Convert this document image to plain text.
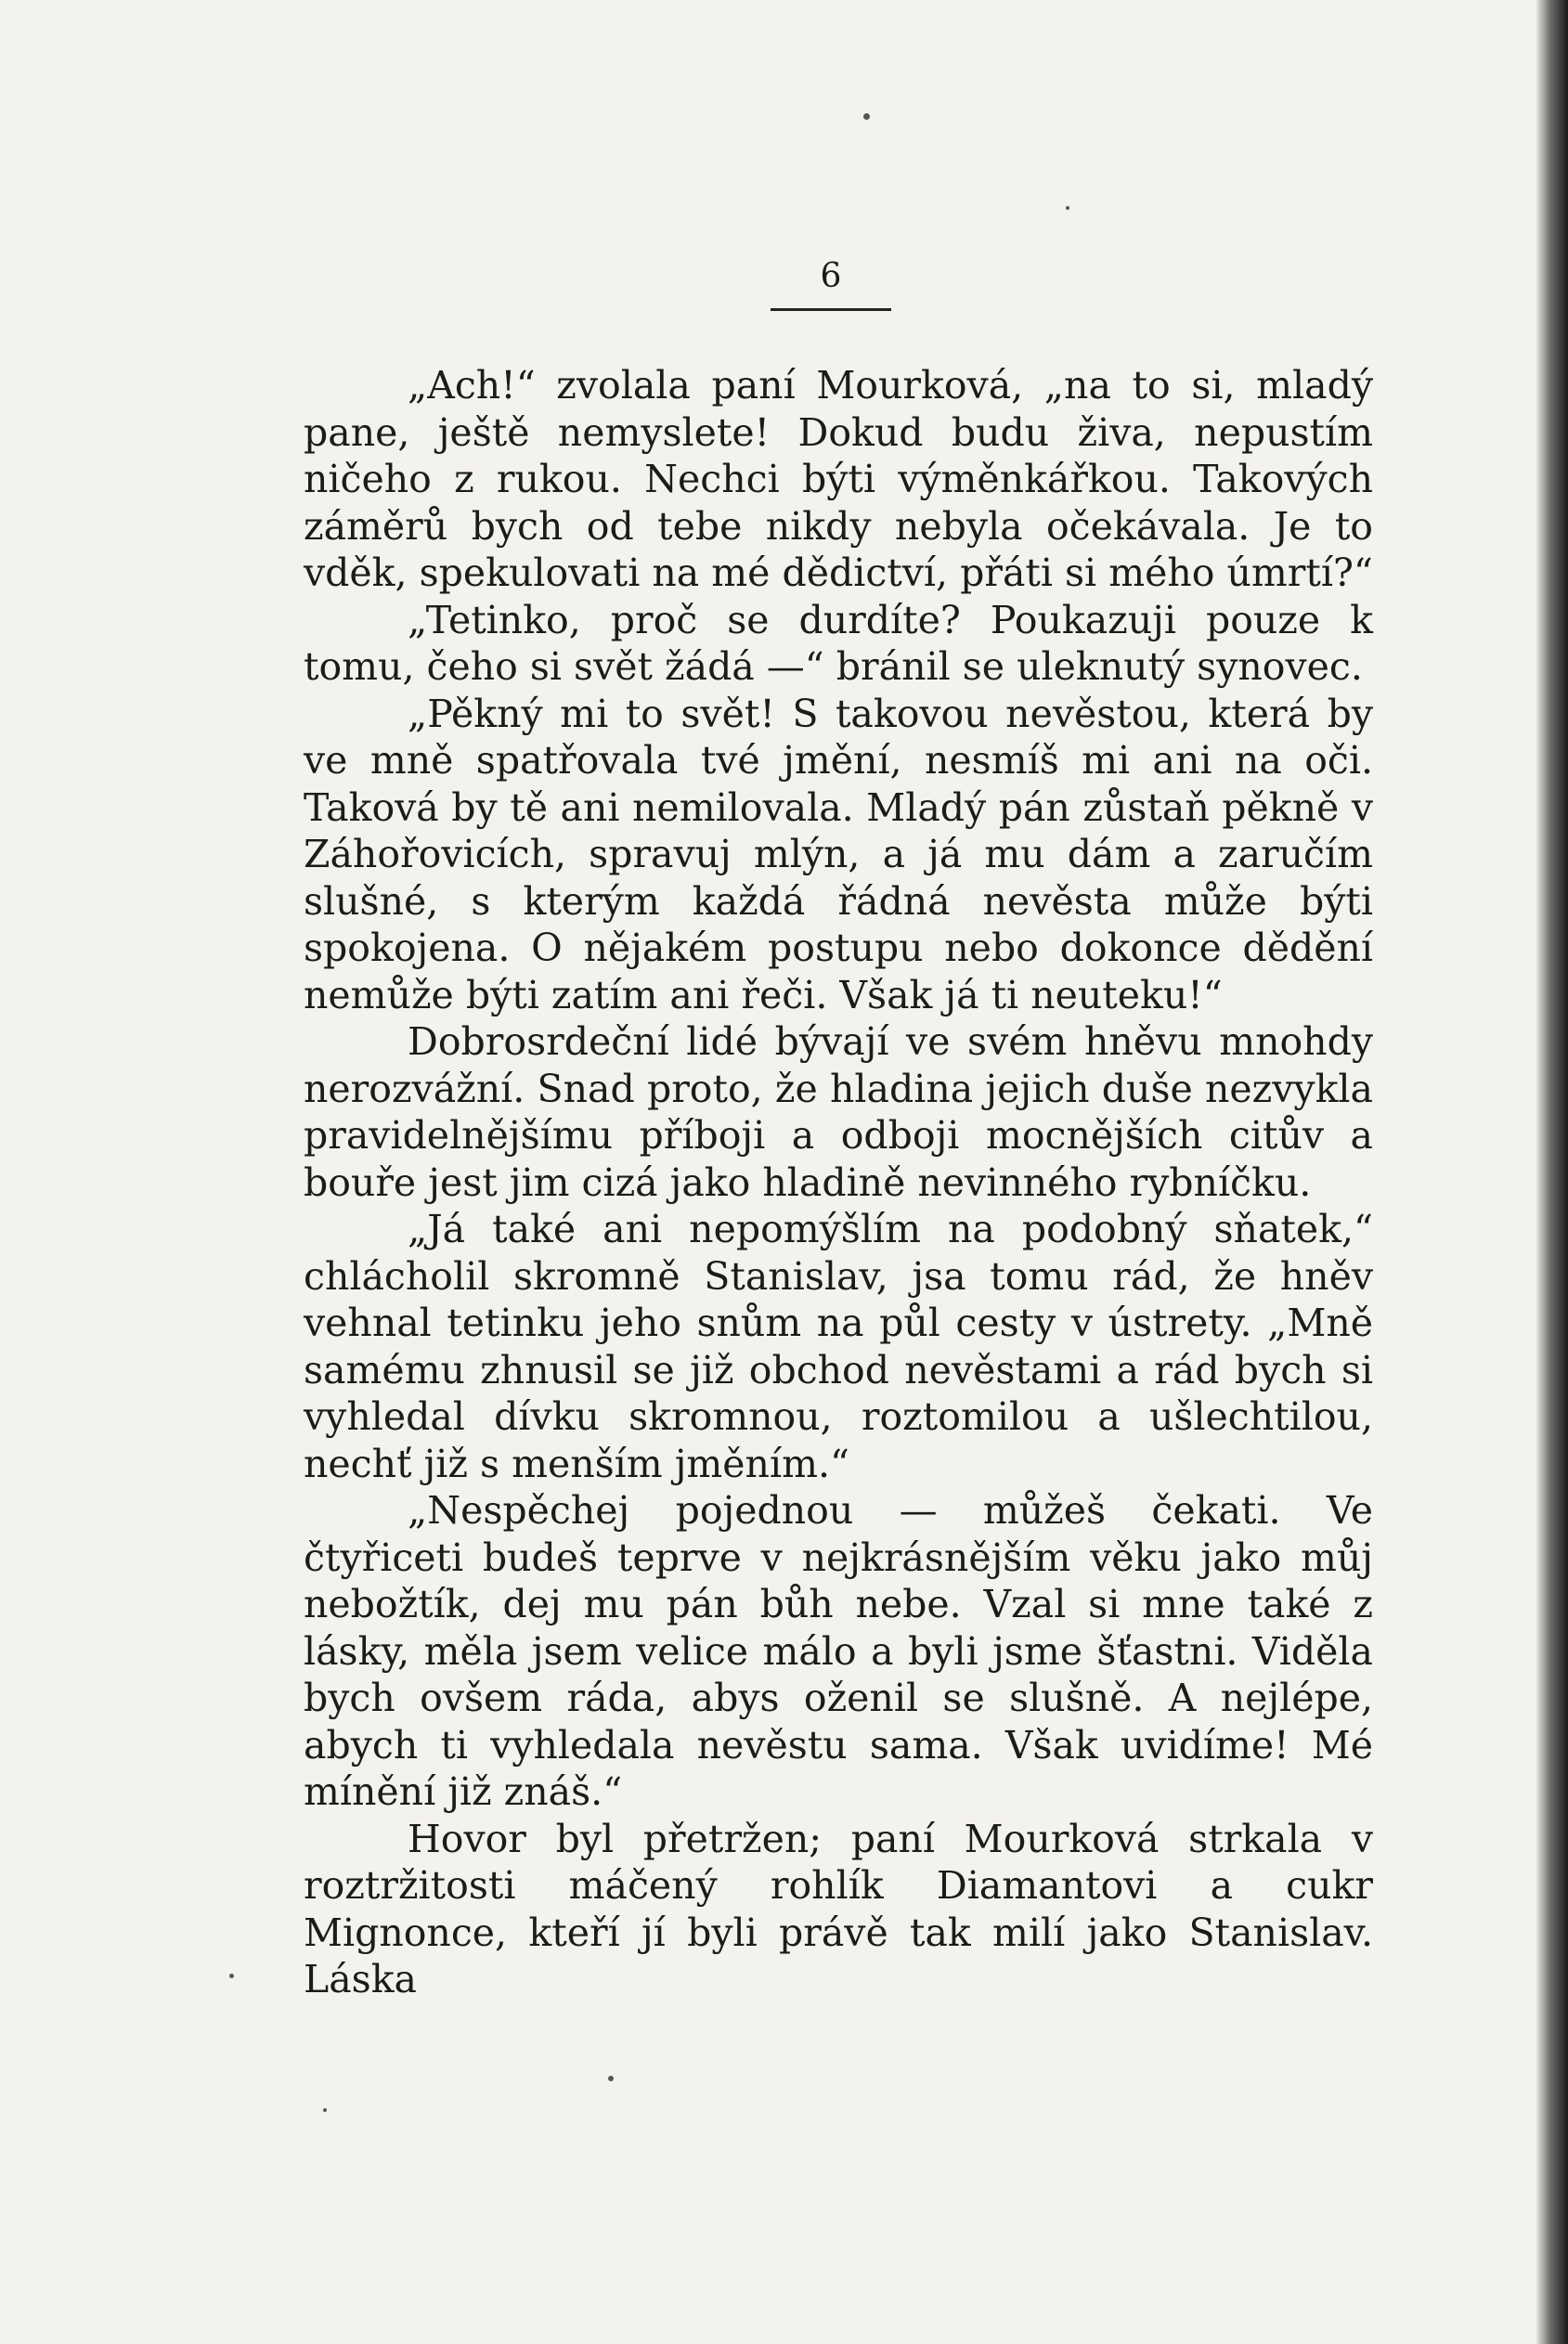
6

„Ach!“ zvolala paní Mourková, „na to si, mladý pane, ještě nemyslete! Dokud budu živa, nepustím ničeho z rukou. Nechci býti výměnkářkou. Takových záměrů bych od tebe nikdy nebyla očekávala. Je to vděk, spekulovati na mé dědictví, přáti si mého úmrtí?“

„Tetinko, proč se durdíte? Poukazuji pouze k tomu, čeho si svět žádá —“ bránil se uleknutý synovec.

„Pěkný mi to svět! S takovou nevěstou, která by ve mně spatřovala tvé jmění, nesmíš mi ani na oči. Taková by tě ani nemilovala. Mladý pán zůstaň pěkně v Záhořovicích, spravuj mlýn, a já mu dám a zaručím slušné, s kterým každá řádná nevěsta může býti spokojena. O nějakém postupu nebo dokonce dědění nemůže býti zatím ani řeči. Však já ti neuteku!“

Dobrosrdeční lidé bývají ve svém hněvu mnohdy nerozvážní. Snad proto, že hladina jejich duše nezvykla pravidelnějšímu příboji a odboji mocnějších citův a bouře jest jim cizá jako hladině nevinného rybníčku.

„Já také ani nepomýšlím na podobný sňatek,“ chlácholil skromně Stanislav, jsa tomu rád, že hněv vehnal tetinku jeho snům na půl cesty v ústrety. „Mně samému zhnusil se již obchod nevěstami a rád bych si vyhledal dívku skromnou, roztomilou a ušlechtilou, nechť již s menším jměním.“

„Nespěchej pojednou — můžeš čekati. Ve čtyřiceti budeš teprve v nejkrásnějším věku jako můj nebožtík, dej mu pán bůh nebe. Vzal si mne také z lásky, měla jsem velice málo a byli jsme šťastni. Viděla bych ovšem ráda, abys oženil se slušně. A nejlépe, abych ti vyhledala nevěstu sama. Však uvidíme! Mé mínění již znáš.“

Hovor byl přetržen; paní Mourková strkala v roztržitosti máčený rohlík Diamantovi a cukr Mignonce, kteří jí byli právě tak milí jako Stanislav. Láska
